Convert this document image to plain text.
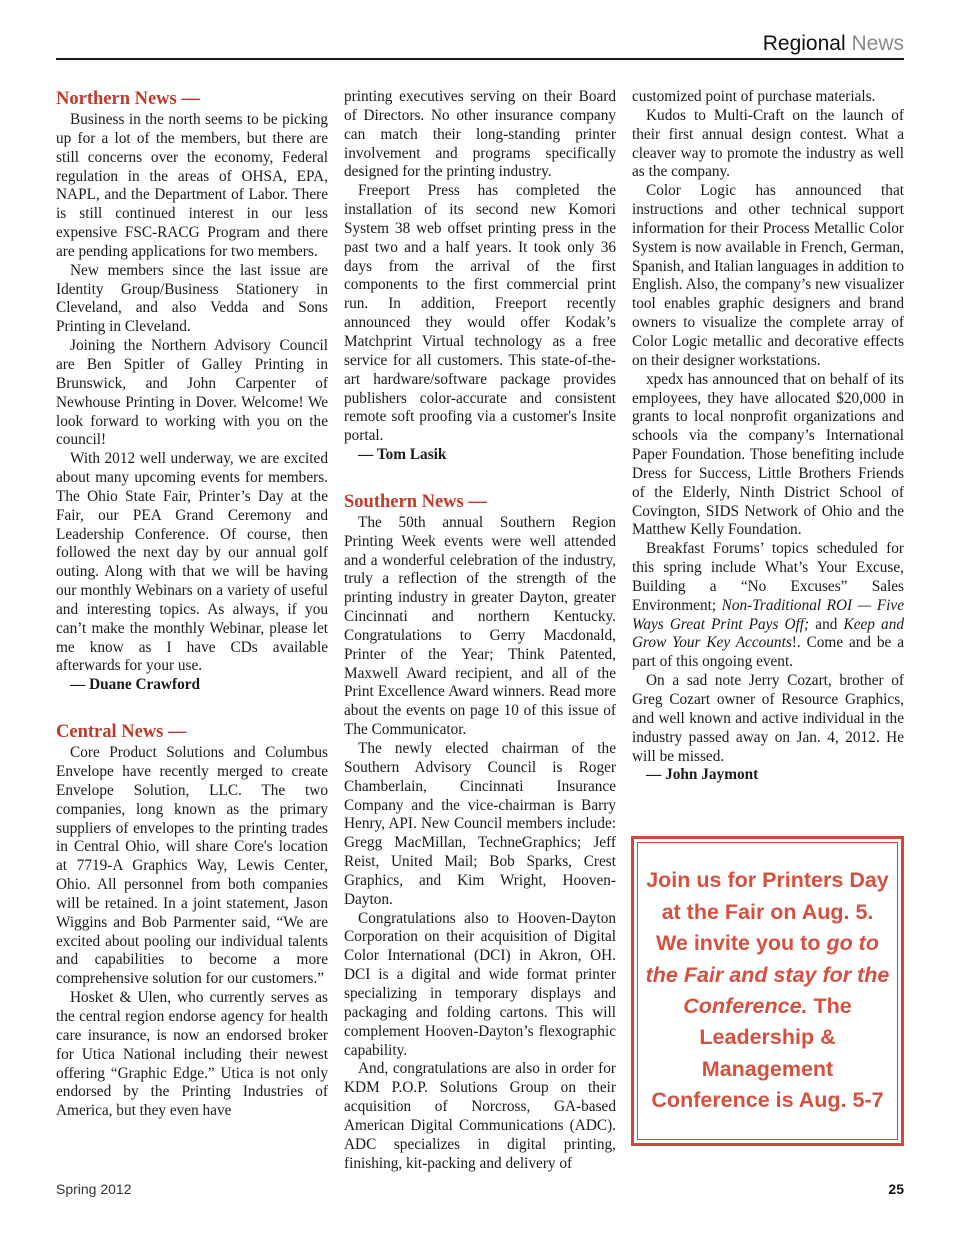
Regional News
Northern News —

Business in the north seems to be picking up for a lot of the members, but there are still concerns over the economy, Federal regulation in the areas of OHSA, EPA, NAPL, and the Department of Labor. There is still continued interest in our less expensive FSC-RACG Program and there are pending applications for two members.

New members since the last issue are Identity Group/Business Stationery in Cleveland, and also Vedda and Sons Printing in Cleveland.

Joining the Northern Advisory Council are Ben Spitler of Galley Printing in Brunswick, and John Carpenter of Newhouse Printing in Dover. Welcome! We look forward to working with you on the council!

With 2012 well underway, we are excited about many upcoming events for members. The Ohio State Fair, Printer’s Day at the Fair, our PEA Grand Ceremony and Leadership Conference. Of course, then followed the next day by our annual golf outing. Along with that we will be having our monthly Webinars on a variety of useful and interesting topics. As always, if you can’t make the monthly Webinar, please let me know as I have CDs available afterwards for your use.

— Duane Crawford

Central News —

Core Product Solutions and Columbus Envelope have recently merged to create Envelope Solution, LLC. The two companies, long known as the primary suppliers of envelopes to the printing trades in Central Ohio, will share Core's location at 7719-A Graphics Way, Lewis Center, Ohio. All personnel from both companies will be retained. In a joint statement, Jason Wiggins and Bob Parmenter said, “We are excited about pooling our individual talents and capabilities to become a more comprehensive solution for our customers.”

Hosket & Ulen, who currently serves as the central region endorse agency for health care insurance, is now an endorsed broker for Utica National including their newest offering “Graphic Edge.” Utica is not only endorsed by the Printing Industries of America, but they even have

printing executives serving on their Board of Directors. No other insurance company can match their long-standing printer involvement and programs specifically designed for the printing industry.

Freeport Press has completed the installation of its second new Komori System 38 web offset printing press in the past two and a half years. It took only 36 days from the arrival of the first components to the first commercial print run. In addition, Freeport recently announced they would offer Kodak’s Matchprint Virtual technology as a free service for all customers. This state-of-the-art hardware/software package provides publishers color-accurate and consistent remote soft proofing via a customer's Insite portal.

— Tom Lasik

Southern News —

The 50th annual Southern Region Printing Week events were well attended and a wonderful celebration of the industry, truly a reflection of the strength of the printing industry in greater Dayton, greater Cincinnati and northern Kentucky. Congratulations to Gerry Macdonald, Printer of the Year; Think Patented, Maxwell Award recipient, and all of the Print Excellence Award winners. Read more about the events on page 10 of this issue of The Communicator.

The newly elected chairman of the Southern Advisory Council is Roger Chamberlain, Cincinnati Insurance Company and the vice-chairman is Barry Henry, API. New Council members include: Gregg MacMillan, TechneGraphics; Jeff Reist, United Mail; Bob Sparks, Crest Graphics, and Kim Wright, Hooven-Dayton.

Congratulations also to Hooven-Dayton Corporation on their acquisition of Digital Color International (DCI) in Akron, OH. DCI is a digital and wide format printer specializing in temporary displays and packaging and folding cartons. This will complement Hooven-Dayton’s flexographic capability.

And, congratulations are also in order for KDM P.O.P. Solutions Group on their acquisition of Norcross, GA-based American Digital Communications (ADC). ADC specializes in digital printing, finishing, kit-packing and delivery of

customized point of purchase materials.

Kudos to Multi-Craft on the launch of their first annual design contest. What a cleaver way to promote the industry as well as the company.

Color Logic has announced that instructions and other technical support information for their Process Metallic Color System is now available in French, German, Spanish, and Italian languages in addition to English. Also, the company’s new visualizer tool enables graphic designers and brand owners to visualize the complete array of Color Logic metallic and decorative effects on their designer workstations.

xpedx has announced that on behalf of its employees, they have allocated $20,000 in grants to local nonprofit organizations and schools via the company’s International Paper Foundation. Those benefiting include Dress for Success, Little Brothers Friends of the Elderly, Ninth District School of Covington, SIDS Network of Ohio and the Matthew Kelly Foundation.

Breakfast Forums’ topics scheduled for this spring include What’s Your Excuse, Building a “No Excuses” Sales Environment; Non-Traditional ROI — Five Ways Great Print Pays Off; and Keep and Grow Your Key Accounts!. Come and be a part of this ongoing event.

On a sad note Jerry Cozart, brother of Greg Cozart owner of Resource Graphics, and well known and active individual in the industry passed away on Jan. 4, 2012. He will be missed.

— John Jaymont

Join us for Printers Day at the Fair on Aug. 5. We invite you to go to the Fair and stay for the Conference. The Leadership & Management Conference is Aug. 5-7
Spring 2012	25
